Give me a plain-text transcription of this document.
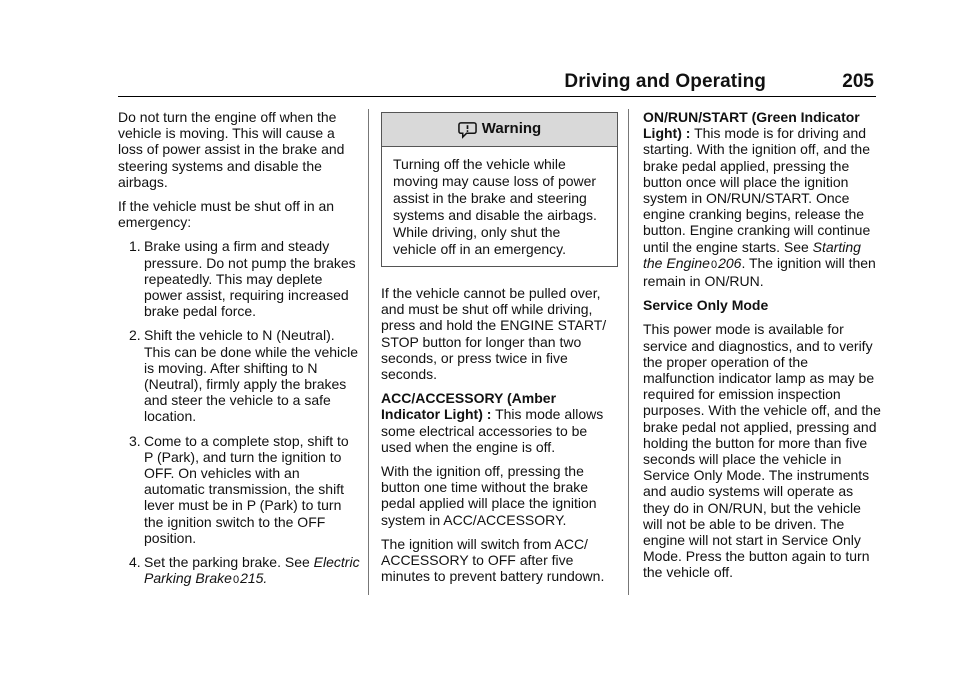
Driving and Operating	205

Do not turn the engine off when the vehicle is moving. This will cause a loss of power assist in the brake and steering systems and disable the airbags.

If the vehicle must be shut off in an emergency:

1. Brake using a firm and steady pressure. Do not pump the brakes repeatedly. This may deplete power assist, requiring increased brake pedal force.
2. Shift the vehicle to N (Neutral). This can be done while the vehicle is moving. After shifting to N (Neutral), firmly apply the brakes and steer the vehicle to a safe location.
3. Come to a complete stop, shift to P (Park), and turn the ignition to OFF. On vehicles with an automatic transmission, the shift lever must be in P (Park) to turn the ignition switch to the OFF position.
4. Set the parking brake. See Electric Parking Brake0215.
Warning
Turning off the vehicle while moving may cause loss of power assist in the brake and steering systems and disable the airbags. While driving, only shut the vehicle off in an emergency.

If the vehicle cannot be pulled over, and must be shut off while driving, press and hold the ENGINE START/ STOP button for longer than two seconds, or press twice in five seconds.

ACC/ACCESSORY (Amber Indicator Light) : This mode allows some electrical accessories to be used when the engine is off.

With the ignition off, pressing the button one time without the brake pedal applied will place the ignition system in ACC/ACCESSORY.

The ignition will switch from ACC/ ACCESSORY to OFF after five minutes to prevent battery rundown.

ON/RUN/START (Green Indicator Light) : This mode is for driving and starting. With the ignition off, and the brake pedal applied, pressing the button once will place the ignition system in ON/RUN/START. Once engine cranking begins, release the button. Engine cranking will continue until the engine starts. See Starting the Engine0206. The ignition will then remain in ON/RUN.

Service Only Mode

This power mode is available for service and diagnostics, and to verify the proper operation of the malfunction indicator lamp as may be required for emission inspection purposes. With the vehicle off, and the brake pedal not applied, pressing and holding the button for more than five seconds will place the vehicle in Service Only Mode. The instruments and audio systems will operate as they do in ON/RUN, but the vehicle will not be able to be driven. The engine will not start in Service Only Mode. Press the button again to turn the vehicle off.
